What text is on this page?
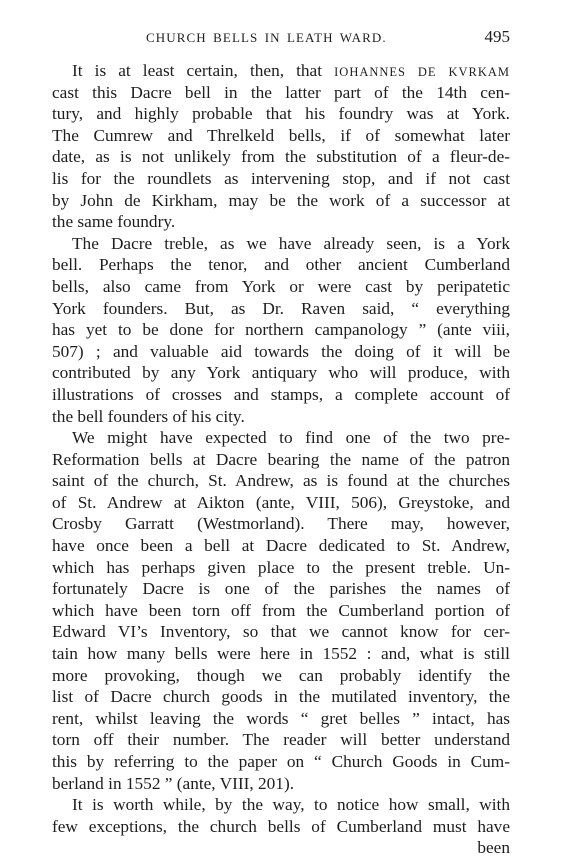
CHURCH BELLS IN LEATH WARD.	495
It is at least certain, then, that IOHANNES DE KVRKAM
cast this Dacre bell in the latter part of the 14th cen-
tury, and highly probable that his foundry was at York.
The Cumrew and Threlkeld bells, if of somewhat later
date, as is not unlikely from the substitution of a fleur-de-
lis for the roundlets as intervening stop, and if not cast
by John de Kirkham, may be the work of a successor at
the same foundry.
The Dacre treble, as we have already seen, is a York
bell. Perhaps the tenor, and other ancient Cumberland
bells, also came from York or were cast by peripatetic
York founders. But, as Dr. Raven said, “ everything
has yet to be done for northern campanology ” (ante viii,
507) ; and valuable aid towards the doing of it will be
contributed by any York antiquary who will produce, with
illustrations of crosses and stamps, a complete account of
the bell founders of his city.
We might have expected to find one of the two pre-
Reformation bells at Dacre bearing the name of the patron
saint of the church, St. Andrew, as is found at the churches
of St. Andrew at Aikton (ante, VIII, 506), Greystoke, and
Crosby Garratt (Westmorland). There may, however,
have once been a bell at Dacre dedicated to St. Andrew,
which has perhaps given place to the present treble. Un-
fortunately Dacre is one of the parishes the names of
which have been torn off from the Cumberland portion of
Edward VI’s Inventory, so that we cannot know for cer-
tain how many bells were here in 1552 : and, what is still
more provoking, though we can probably identify the
list of Dacre church goods in the mutilated inventory, the
rent, whilst leaving the words “ gret belles ” intact, has
torn off their number. The reader will better understand
this by referring to the paper on “ Church Goods in Cum-
berland in 1552 ” (ante, VIII, 201).
It is worth while, by the way, to notice how small, with
few exceptions, the church bells of Cumberland must have
been
